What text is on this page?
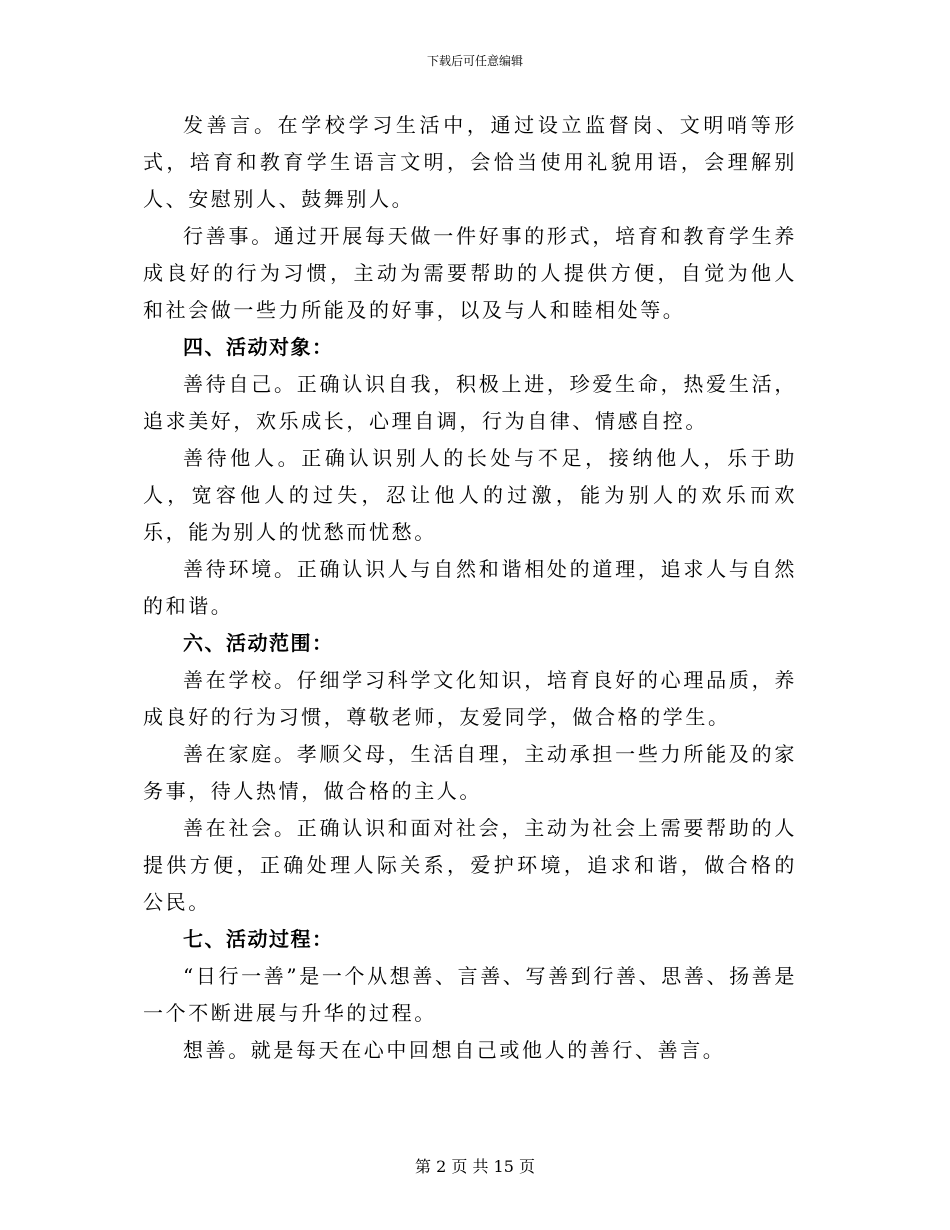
下载后可任意编辑

发善言。在学校学习生活中，通过设立监督岗、文明哨等形式，培育和教育学生语言文明，会恰当使用礼貌用语，会理解别人、安慰别人、鼓舞别人。

行善事。通过开展每天做一件好事的形式，培育和教育学生养成良好的行为习惯，主动为需要帮助的人提供方便，自觉为他人和社会做一些力所能及的好事，以及与人和睦相处等。

四、活动对象：

善待自己。正确认识自我，积极上进，珍爱生命，热爱生活，追求美好，欢乐成长，心理自调，行为自律、情感自控。

善待他人。正确认识别人的长处与不足，接纳他人，乐于助人，宽容他人的过失，忍让他人的过激，能为别人的欢乐而欢乐，能为别人的忧愁而忧愁。

善待环境。正确认识人与自然和谐相处的道理，追求人与自然的和谐。

六、活动范围：

善在学校。仔细学习科学文化知识，培育良好的心理品质，养成良好的行为习惯，尊敬老师，友爱同学，做合格的学生。

善在家庭。孝顺父母，生活自理，主动承担一些力所能及的家务事，待人热情，做合格的主人。

善在社会。正确认识和面对社会，主动为社会上需要帮助的人提供方便，正确处理人际关系，爱护环境，追求和谐，做合格的公民。

七、活动过程：

“日行一善”是一个从想善、言善、写善到行善、思善、扬善是一个不断进展与升华的过程。

想善。就是每天在心中回想自己或他人的善行、善言。

第 2 页 共 15 页
